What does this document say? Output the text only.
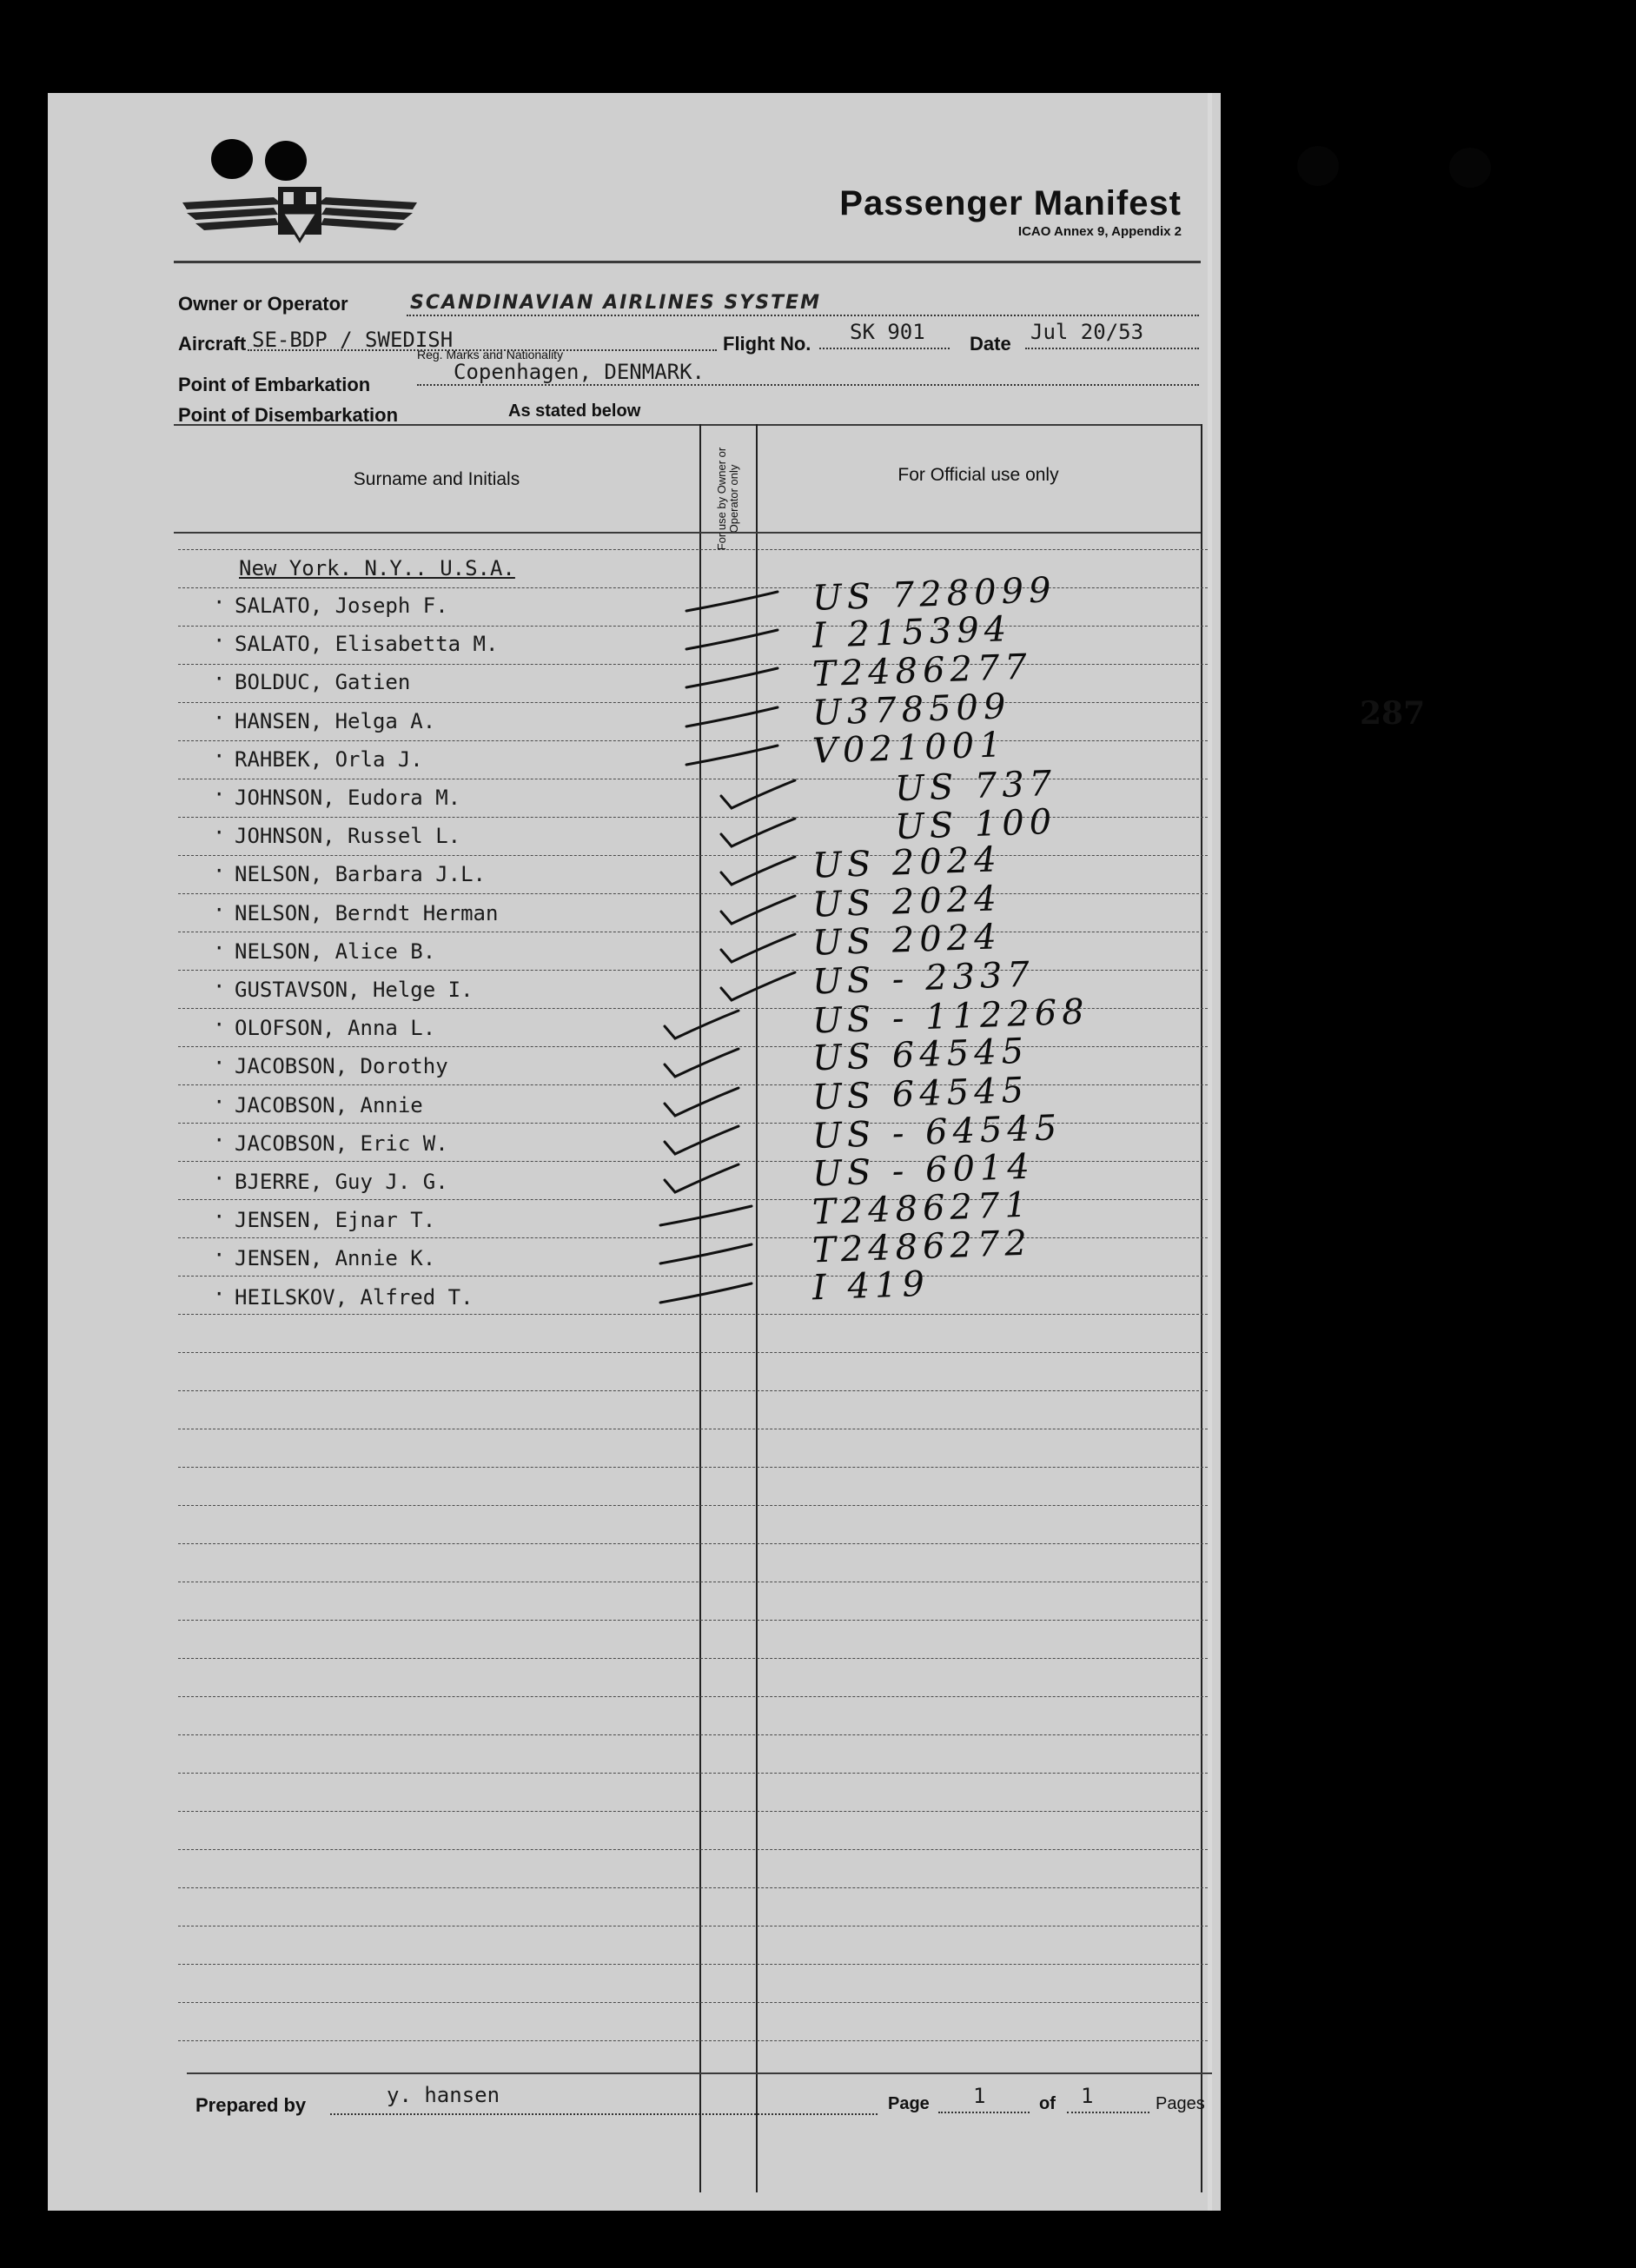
Passenger Manifest
ICAO Annex 9, Appendix 2
Owner or Operator	SCANDINAVIAN AIRLINES SYSTEM
Aircraft SE-BDP / SWEDISH
Reg. Marks and Nationality	Flight No. SK 901 Date Jul 20/53
Point of Embarkation
Copenhagen, DENMARK.
Point of Disembarkation	As stated below
Surname and Initials	For use by Owner or Operator only	For Official use only
New York. N.Y.. U.S.A.
· SALATO, Joseph F.	US 728099
· SALATO, Elisabetta M.	I 215394
· BOLDUC, Gatien	T2486277
· HANSEN, Helga A.	U378509
· RAHBEK, Orla J.	V021001
· JOHNSON, Eudora M.	US 737
· JOHNSON, Russel L.	US 100
· NELSON, Barbara J.L.	US 2024
· NELSON, Berndt Herman	US 2024
· NELSON, Alice B.	US 2024
· GUSTAVSON, Helge I.	US - 2337
· OLOFSON, Anna L.	US - 112268
· JACOBSON, Dorothy	US 64545
· JACOBSON, Annie	US 64545
· JACOBSON, Eric W.	US - 64545
· BJERRE, Guy J. G.	US - 6014
· JENSEN, Ejnar T.	T2486271
· JENSEN, Annie K.	T2486272
· HEILSKOV, Alfred T.	I 419
Prepared by	y. hansen	Page 1	of 1	Pages
287
